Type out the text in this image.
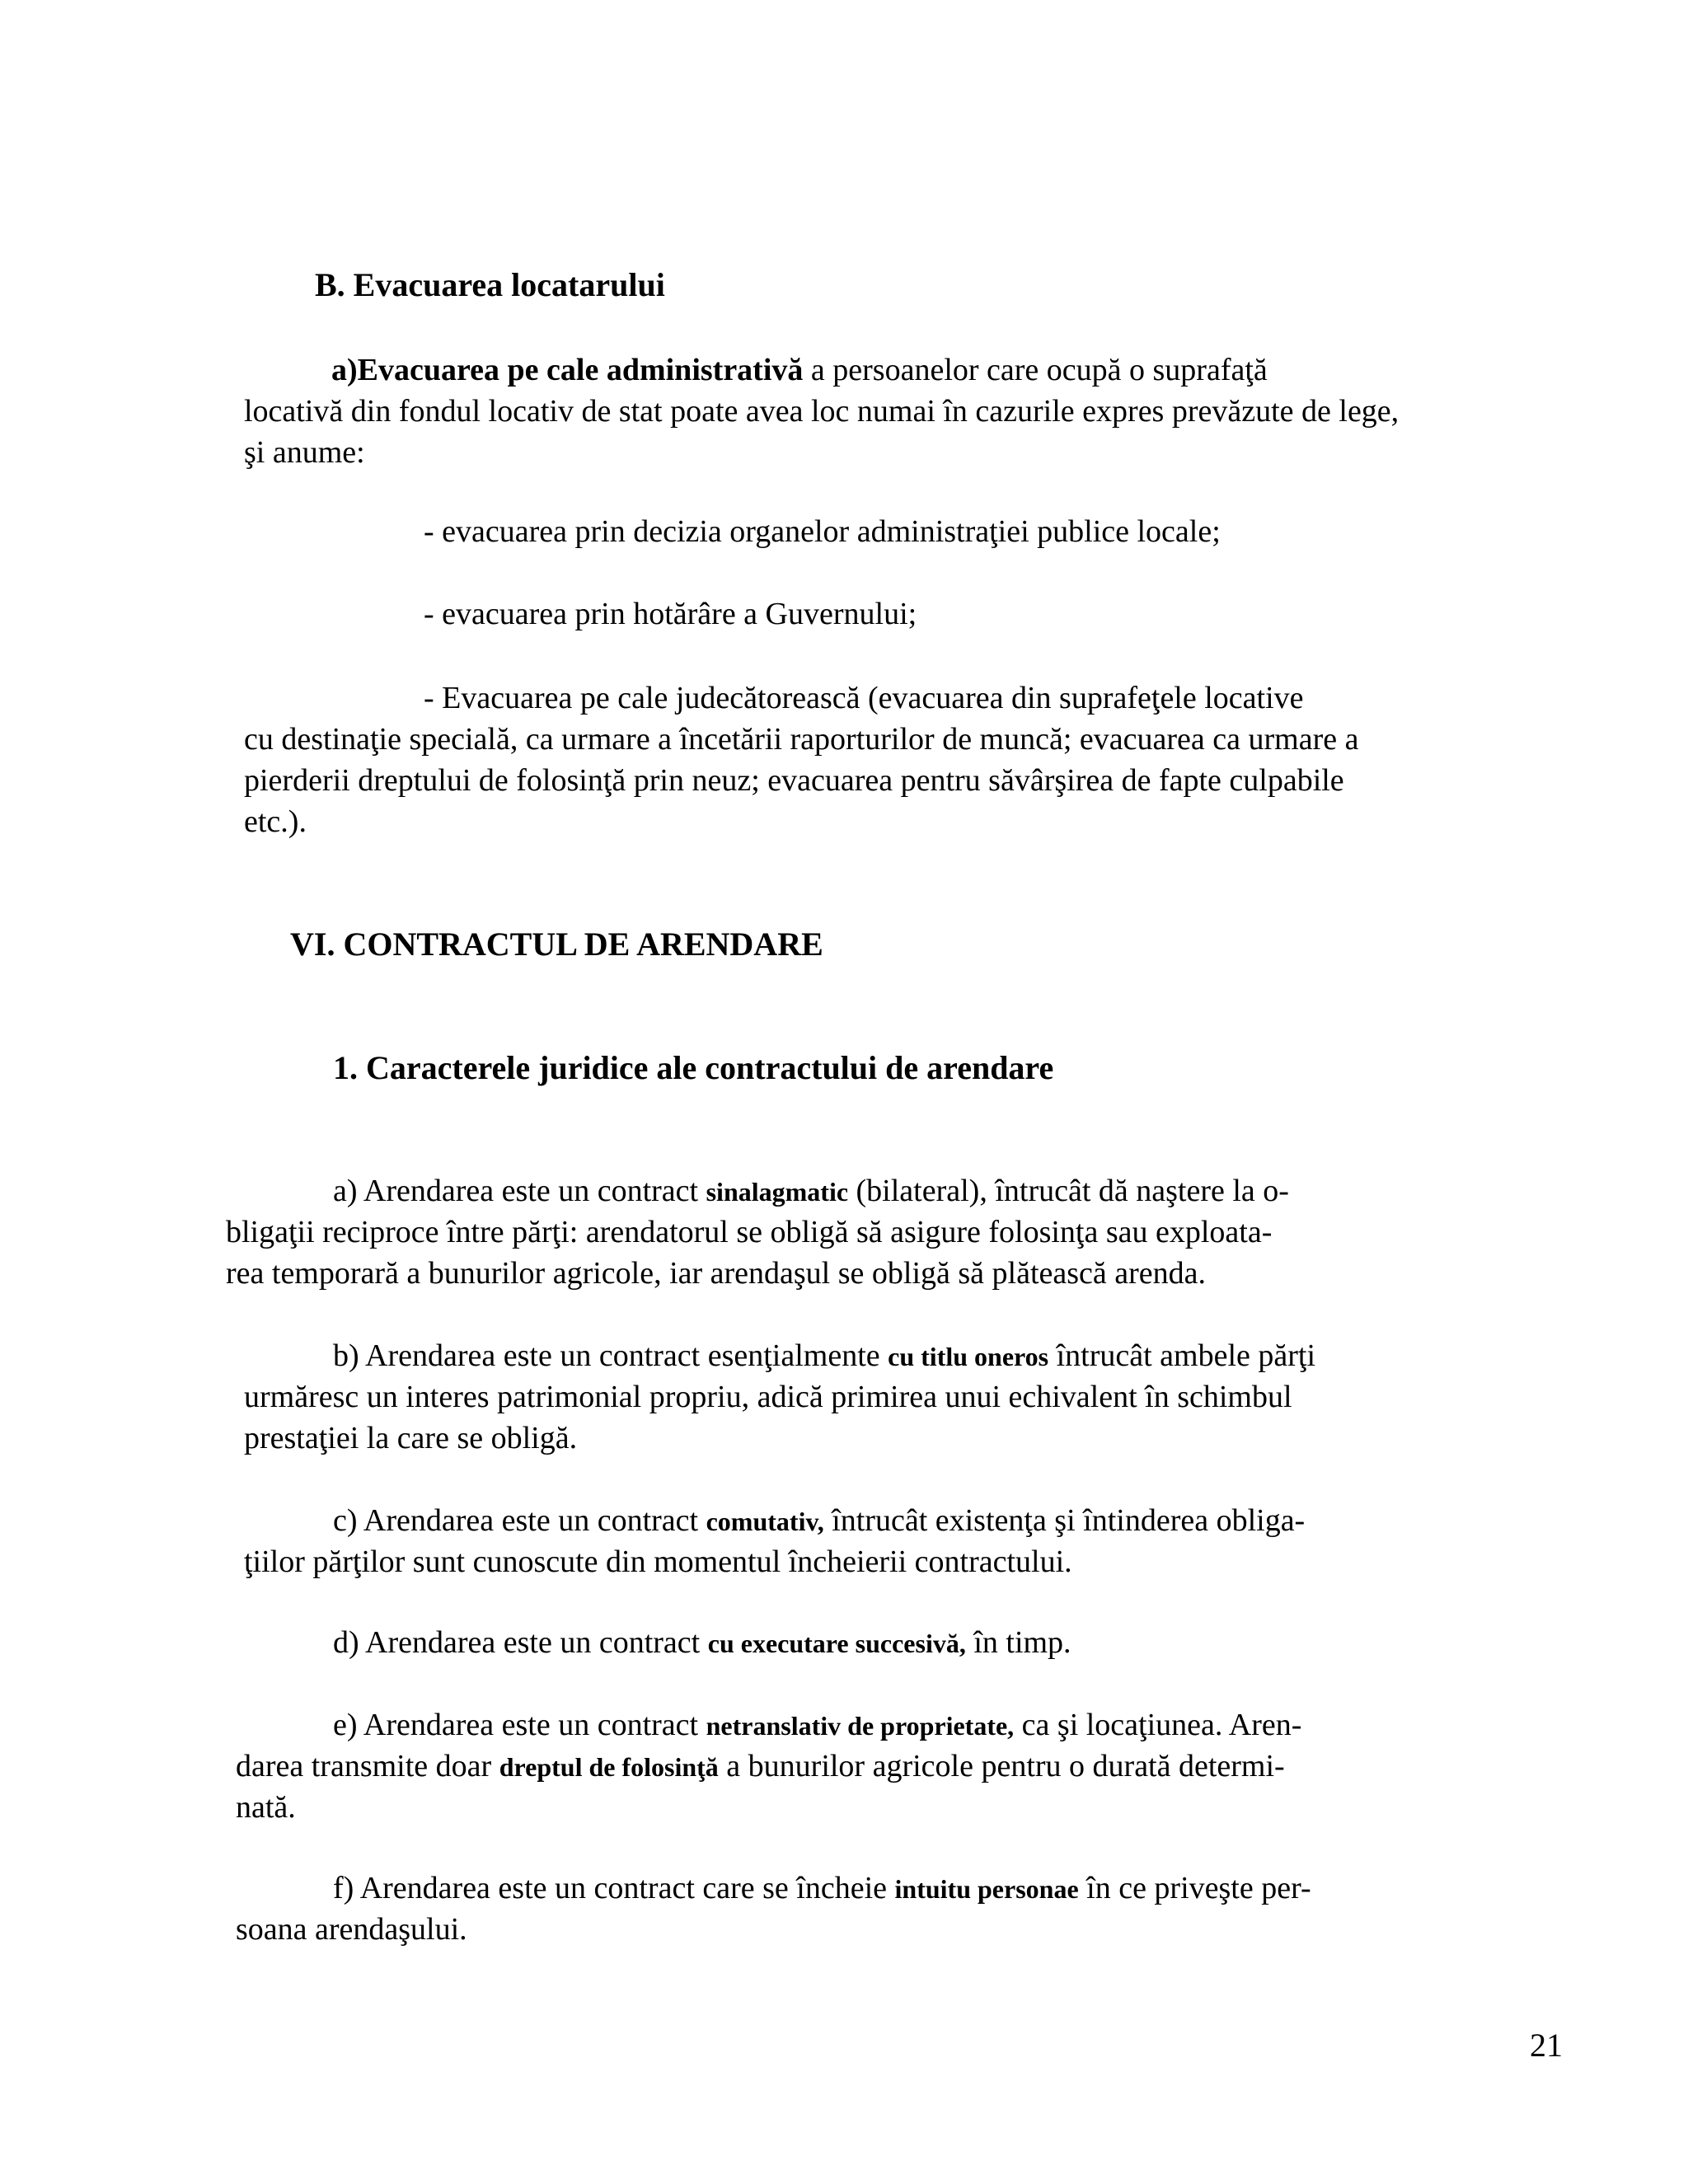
B. Evacuarea locatarului
a)Evacuarea pe cale administrativă a persoanelor care ocupă o suprafaţă
locativă din fondul locativ de stat poate avea loc numai în cazurile expres prevăzute de lege,
şi anume:
- evacuarea prin decizia organelor administraţiei publice locale;
- evacuarea prin hotărâre a Guvernului;
- Evacuarea pe cale judecătorească (evacuarea din suprafeţele locative
cu destinaţie specială, ca urmare a încetării raporturilor de muncă; evacuarea ca urmare a
pierderii dreptului de folosinţă prin neuz; evacuarea pentru săvârşirea de fapte culpabile
etc.).
VI. CONTRACTUL DE ARENDARE
1. Caracterele juridice ale contractului de arendare
a) Arendarea este un contract sinalagmatic (bilateral), întrucât dă naştere la o-
bligaţii reciproce între părţi: arendatorul se obligă să asigure folosinţa sau exploata-
rea temporară a bunurilor agricole, iar arendaşul se obligă să plătească arenda.
b) Arendarea este un contract esenţialmente cu titlu oneros întrucât ambele părţi
urmăresc un interes patrimonial propriu, adică primirea unui echivalent în schimbul
prestaţiei la care se obligă.
c) Arendarea este un contract comutativ, întrucât existenţa şi întinderea obliga-
ţiilor părţilor sunt cunoscute din momentul încheierii contractului.
d) Arendarea este un contract cu executare succesivă, în timp.
e) Arendarea este un contract netranslativ de proprietate, ca şi locaţiunea. Aren-
darea transmite doar dreptul de folosinţă a bunurilor agricole pentru o durată determi-
nată.
f) Arendarea este un contract care se încheie intuitu personae în ce priveşte per-
soana arendaşului.
21
